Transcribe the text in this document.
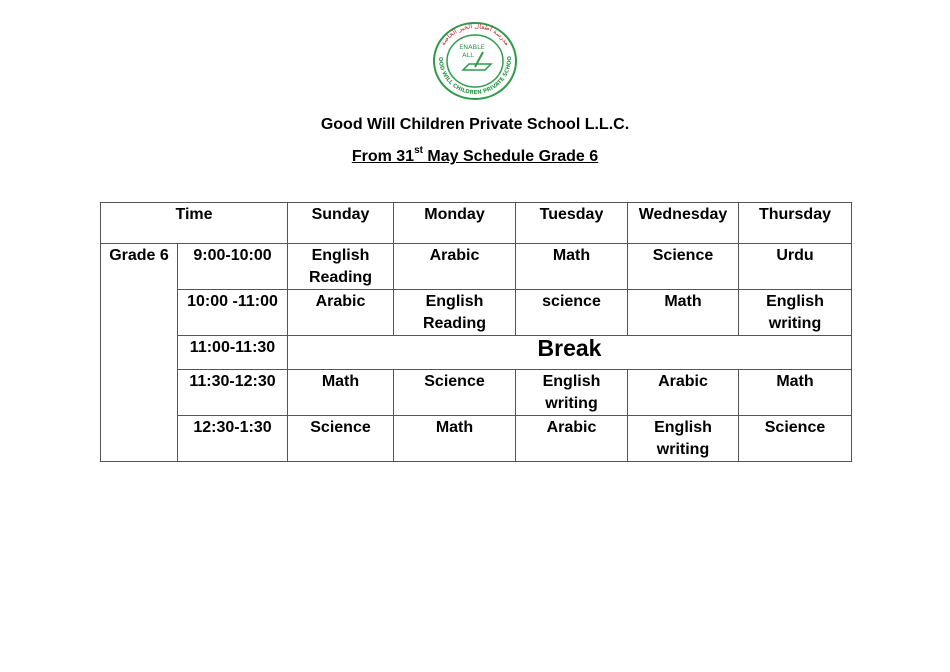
مدرسة أطفال الخير الخاصة
OOD WILL CHILDREN PRIVATE SCHOO
ENABLE
ALL
Good Will Children Private School L.L.C.
From 31st May Schedule Grade 6
Time		Sunday	Monday	Tuesday	Wednesday	Thursday
Grade 6	9:00-10:00	English Reading	Arabic	Math	Science	Urdu
	10:00 -11:00	Arabic	English Reading	science	Math	English writing
	11:00-11:30	Break				
	11:30-12:30	Math	Science	English writing	Arabic	Math
	12:30-1:30	Science	Math	Arabic	English writing	Science
